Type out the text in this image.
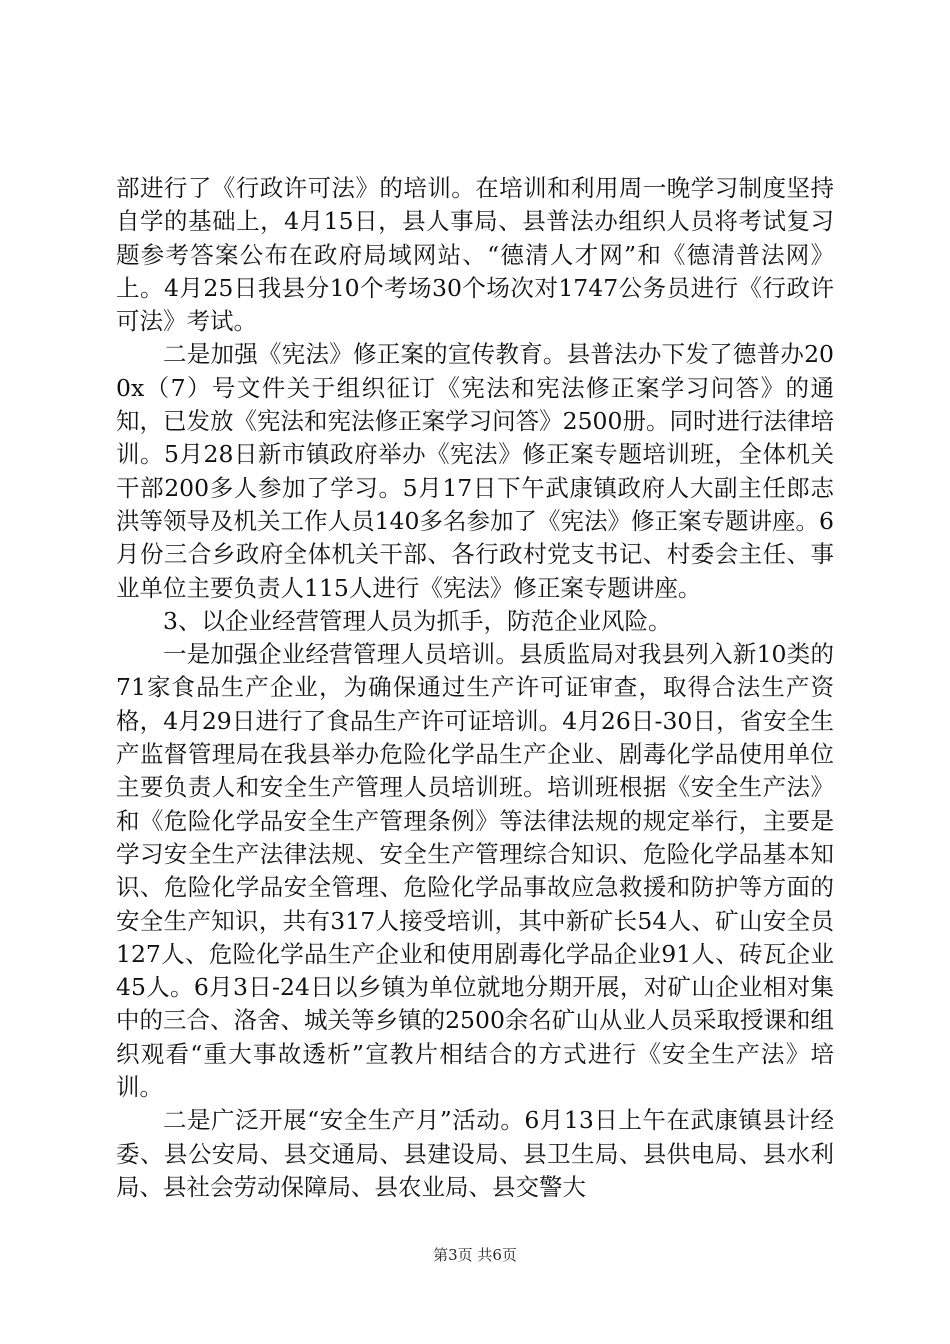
部进行了《行政许可法》的培训。在培训和利用周一晚学习制度坚持自学的基础上，4月15日，县人事局、县普法办组织人员将考试复习题参考答案公布在政府局域网站、“德清人才网”和《德清普法网》上。4月25日我县分10个考场30个场次对1747公务员进行《行政许可法》考试。

二是加强《宪法》修正案的宣传教育。县普法办下发了德普办200x（7）号文件关于组织征订《宪法和宪法修正案学习问答》的通知，已发放《宪法和宪法修正案学习问答》2500册。同时进行法律培训。5月28日新市镇政府举办《宪法》修正案专题培训班，全体机关干部200多人参加了学习。5月17日下午武康镇政府人大副主任郎志洪等领导及机关工作人员140多名参加了《宪法》修正案专题讲座。6月份三合乡政府全体机关干部、各行政村党支书记、村委会主任、事业单位主要负责人115人进行《宪法》修正案专题讲座。

3、以企业经营管理人员为抓手，防范企业风险。

一是加强企业经营管理人员培训。县质监局对我县列入新10类的71家食品生产企业，为确保通过生产许可证审查，取得合法生产资格，4月29日进行了食品生产许可证培训。4月26日-30日，省安全生产监督管理局在我县举办危险化学品生产企业、剧毒化学品使用单位主要负责人和安全生产管理人员培训班。培训班根据《安全生产法》和《危险化学品安全生产管理条例》等法律法规的规定举行，主要是学习安全生产法律法规、安全生产管理综合知识、危险化学品基本知识、危险化学品安全管理、危险化学品事故应急救援和防护等方面的安全生产知识，共有317人接受培训，其中新矿长54人、矿山安全员127人、危险化学品生产企业和使用剧毒化学品企业91人、砖瓦企业45人。6月3日-24日以乡镇为单位就地分期开展，对矿山企业相对集中的三合、洛舍、城关等乡镇的2500余名矿山从业人员采取授课和组织观看“重大事故透析”宣教片相结合的方式进行《安全生产法》培训。

二是广泛开展“安全生产月”活动。6月13日上午在武康镇县计经委、县公安局、县交通局、县建设局、县卫生局、县供电局、县水利局、县社会劳动保障局、县农业局、县交警大

第3页 共6页
